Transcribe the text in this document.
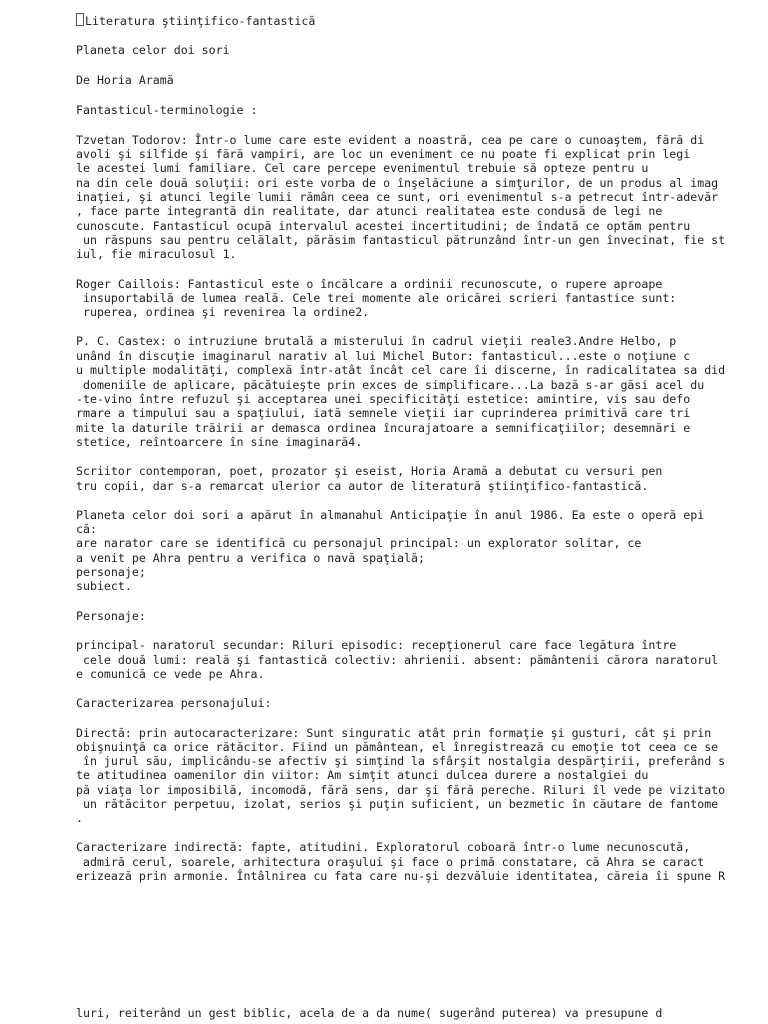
Literatura ştiinţifico-fantastică
Planeta celor doi sori
De Horia Aramă
Fantasticul-terminologie :
Tzvetan Todorov: Într-o lume care este evident a noastră, cea pe care o cunoaştem, fără di
avoli şi silfide şi fără vampiri, are loc un eveniment ce nu poate fi explicat prin legi
le acestei lumi familiare. Cel care percepe evenimentul trebuie să opteze pentru u
na din cele două soluţii: ori este vorba de o înşelăciune a simţurilor, de un produs al imag
inaţiei, şi atunci legile lumii rămân ceea ce sunt, ori evenimentul s-a petrecut într-adevăr
, face parte integrantă din realitate, dar atunci realitatea este condusă de legi ne
cunoscute. Fantasticul ocupă intervalul acestei incertitudini; de îndată ce optăm pentru
un răspuns sau pentru celălalt, părăsim fantasticul pătrunzând într-un gen învecinat, fie st
iul, fie miraculosul 1.
Roger Caillois: Fantasticul este o încălcare a ordinii recunoscute, o rupere aproape
insuportabilă de lumea reală. Cele trei momente ale oricărei scrieri fantastice sunt:
ruperea, ordinea şi revenirea la ordine2.
P. C. Castex: o intruziune brutală a misterului în cadrul vieţii reale3.Andre Helbo, p
unând în discuţie imaginarul narativ al lui Michel Butor: fantasticul...este o noţiune c
u multiple modalităţi, complexă într-atât încât cel care îi discerne, în radicalitatea sa did
domeniile de aplicare, păcătuieşte prin exces de simplificare...La bază s-ar găsi acel du
-te-vino între refuzul şi acceptarea unei specificităţi estetice: amintire, vis sau defo
rmare a timpului sau a spaţiului, iată semnele vieţii iar cuprinderea primitivă care tri
mite la daturile trăirii ar demasca ordinea încurajatoare a semnificaţiilor; desemnări e
stetice, reîntoarcere în sine imaginară4.
Scriitor contemporan, poet, prozator şi eseist, Horia Aramă a debutat cu versuri pen
tru copii, dar s-a remarcat ulerior ca autor de literatură ştiinţifico-fantastică.
Planeta celor doi sori a apărut în almanahul Anticipaţie în anul 1986. Ea este o operă epi
că:
are narator care se identifică cu personajul principal: un explorator solitar, ce
a venit pe Ahra pentru a verifica o navă spaţială;
personaje;
subiect.
Personaje:
principal- naratorul secundar: Riluri episodic: recepţionerul care face legătura între
cele două lumi: reală şi fantastică colectiv: ahrienii. absent: pământenii cărora naratorul
e comunică ce vede pe Ahra.
Caracterizarea personajului:
Directă: prin autocaracterizare: Sunt singuratic atât prin formaţie şi gusturi, cât şi prin
obişnuinţă ca orice rătăcitor. Fiind un pământean, el înregistrează cu emoţie tot ceea ce se
în jurul său, implicându-se afectiv şi simţind la sfârşit nostalgia despărţirii, preferând s
te atitudinea oamenilor din viitor: Am simţit atunci dulcea durere a nostalgiei du
pă viaţa lor imposibilă, incomodă, fără sens, dar şi fără pereche. Riluri îl vede pe vizitato
un rătăcitor perpetuu, izolat, serios şi puţin suficient, un bezmetic în căutare de fantome
.
Caracterizare indirectă: fapte, atitudini. Exploratorul coboară într-o lume necunoscută,
admiră cerul, soarele, arhitectura oraşului şi face o primă constatare, că Ahra se caract
erizează prin armonie. Întâlnirea cu fata care nu-şi dezvăluie identitatea, căreia îi spune R
luri, reiterând un gest biblic, acela de a da nume( sugerând puterea) va presupune d
